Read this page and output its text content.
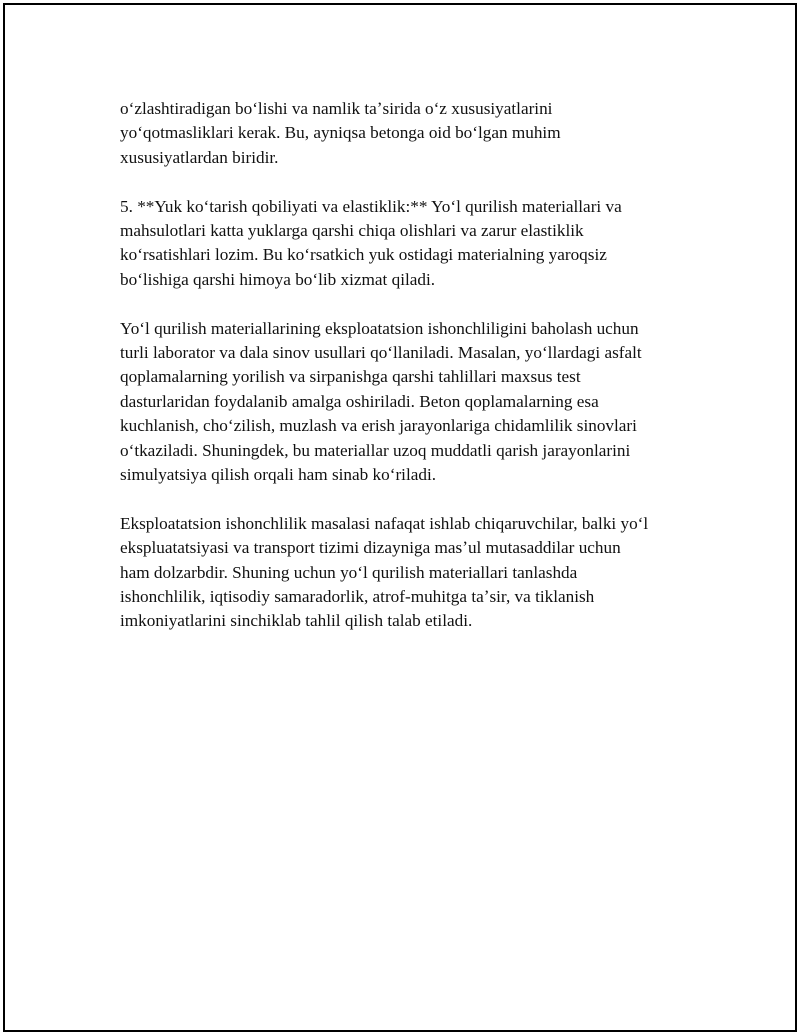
oʻzlashtiradigan boʻlishi va namlik taʼsirida oʻz xususiyatlarini
yoʻqotmasliklari kerak. Bu, ayniqsa betonga oid boʻlgan muhim
xususiyatlardan biridir.

5. **Yuk koʻtarish qobiliyati va elastiklik:** Yoʻl qurilish materiallari va
mahsulotlari katta yuklarga qarshi chiqa olishlari va zarur elastiklik
koʻrsatishlari lozim. Bu koʻrsatkich yuk ostidagi materialning yaroqsiz
boʻlishiga qarshi himoya boʻlib xizmat qiladi.

Yoʻl qurilish materiallarining eksploatatsion ishonchliligini baholash uchun
turli laborator va dala sinov usullari qoʻllaniladi. Masalan, yoʻllardagi asfalt
qoplamalarning yorilish va sirpanishga qarshi tahlillari maxsus test
dasturlaridan foydalanib amalga oshiriladi. Beton qoplamalarning esa
kuchlanish, choʻzilish, muzlash va erish jarayonlariga chidamlilik sinovlari
oʻtkaziladi. Shuningdek, bu materiallar uzoq muddatli qarish jarayonlarini
simulyatsiya qilish orqali ham sinab koʻriladi.

Eksploatatsion ishonchlilik masalasi nafaqat ishlab chiqaruvchilar, balki yoʻl
ekspluatatsiyasi va transport tizimi dizayniga masʼul mutasaddilar uchun
ham dolzarbdir. Shuning uchun yoʻl qurilish materiallari tanlashda
ishonchlilik, iqtisodiy samaradorlik, atrof-muhitga taʼsir, va tiklanish
imkoniyatlarini sinchiklab tahlil qilish talab etiladi.
